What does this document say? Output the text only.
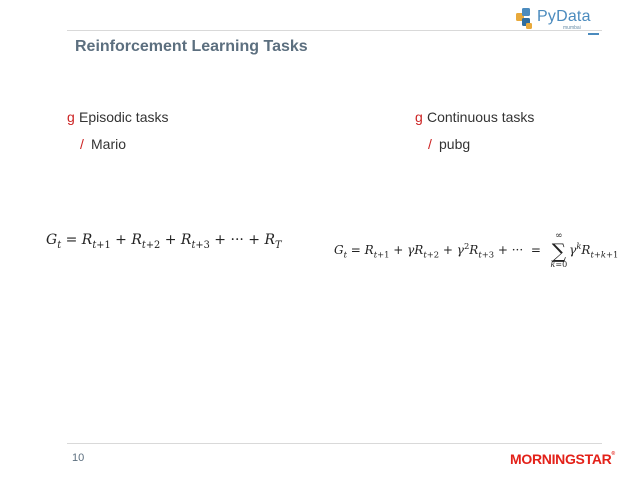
PyData
mumbai
Reinforcement Learning Tasks
g Episodic tasks
/ Mario
g Continuous tasks
/ pubg
$G_t = R_{t+1} + R_{t+2} + R_{t+3}$ + ··· + $R_T$	$G_t = R_{t+1} + \gamma R_{t+2} + \gamma^2R_{t+3}$ + ···  =
∞
∑
k=0
$\gamma^kR_{t+k+1}$
10	MORNINGSTAR®
